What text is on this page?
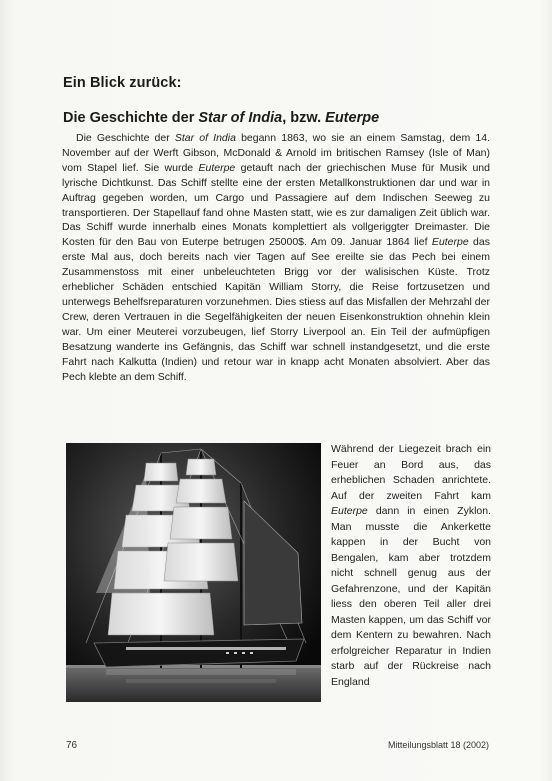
Ein Blick zurück:
Die Geschichte der Star of India, bzw. Euterpe
Die Geschichte der Star of India begann 1863, wo sie an einem Samstag, dem 14. November auf der Werft Gibson, McDonald & Arnold im britischen Ramsey (Isle of Man) vom Stapel lief. Sie wurde Euterpe getauft nach der griechischen Muse für Musik und lyrische Dichtkunst. Das Schiff stellte eine der ersten Metallkonstruktionen dar und war in Auftrag gegeben worden, um Cargo und Passagiere auf dem Indischen Seeweg zu transportieren. Der Stapellauf fand ohne Masten statt, wie es zur damaligen Zeit üblich war. Das Schiff wurde innerhalb eines Monats komplettiert als vollgeriggter Dreimaster. Die Kosten für den Bau von Euterpe betrugen 25000$. Am 09. Januar 1864 lief Euterpe das erste Mal aus, doch bereits nach vier Tagen auf See ereilte sie das Pech bei einem Zusammenstoss mit einer unbeleuchteten Brigg vor der walisischen Küste. Trotz erheblicher Schäden entschied Kapitän William Storry, die Reise fortzusetzen und unterwegs Behelfsreparaturen vorzunehmen. Dies stiess auf das Misfallen der Mehrzahl der Crew, deren Vertrauen in die Segelfähigkeiten der neuen Eisenkonstruktion ohnehin klein war. Um einer Meuterei vorzubeugen, lief Storry Liverpool an. Ein Teil der aufmüpfigen Besatzung wanderte ins Gefängnis, das Schiff war schnell instandgesetzt, und die erste Fahrt nach Kalkutta (Indien) und retour war in knapp acht Monaten absolviert. Aber das Pech klebte an dem Schiff.
Während der Liegezeit brach ein Feuer an Bord aus, das erheblichen Schaden anrichtete. Auf der zweiten Fahrt kam Euterpe dann in einen Zyklon. Man musste die Ankerkette kappen in der Bucht von Bengalen, kam aber trotzdem nicht schnell genug aus der Gefahrenzone, und der Kapitän liess den oberen Teil aller drei Masten kappen, um das Schiff vor dem Kentern zu bewahren. Nach erfolgreicher Reparatur in Indien starb auf der Rückreise nach England
76	Mitteilungsblatt 18 (2002)
